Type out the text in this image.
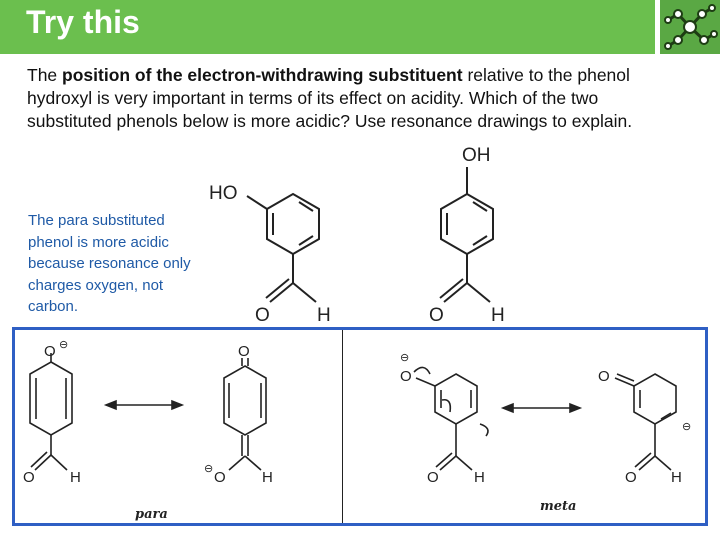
Try this
The position of the electron-withdrawing substituent relative to the phenol hydroxyl is very important in terms of its effect on acidity. Which of the two substituted phenols below is more acidic? Use resonance drawings to explain.
The para substituted phenol is more acidic because resonance only charges oxygen, not carbon.
HO
O H
OH
O H
O ⊖
O H
O
⊖ O H
⊖
O
O H
O
⊖
O H
para
meta
